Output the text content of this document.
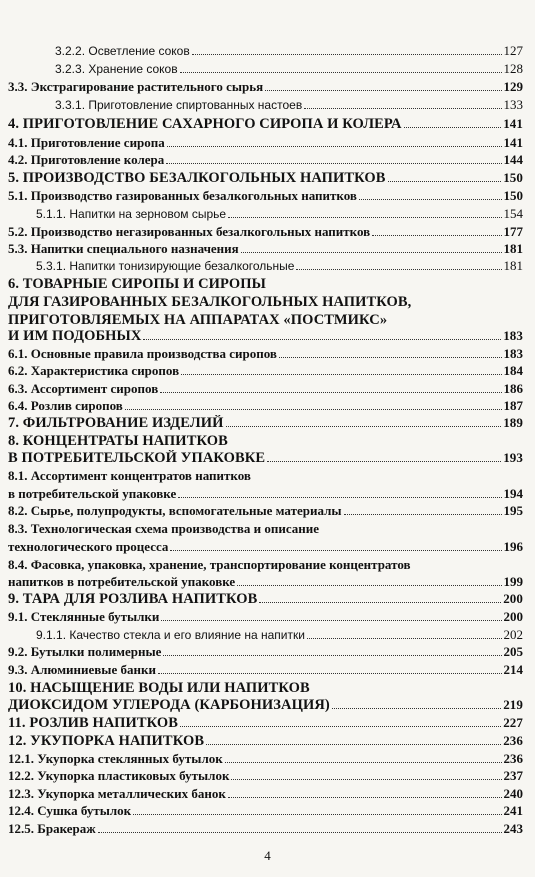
3.2.2. Осветление соков	127
3.2.3. Хранение соков	128
3.3. Экстрагирование растительного сырья	129
3.3.1. Приготовление спиртованных настоев	133
4. ПРИГОТОВЛЕНИЕ САХАРНОГО СИРОПА И КОЛЕРА	141
4.1. Приготовление сиропа	141
4.2. Приготовление колера	144
5. ПРОИЗВОДСТВО БЕЗАЛКОГОЛЬНЫХ НАПИТКОВ	150
5.1. Производство газированных безалкогольных напитков	150
5.1.1. Напитки на зерновом сырье	154
5.2. Производство негазированных безалкогольных напитков	177
5.3. Напитки специального назначения	181
5.3.1. Напитки тонизирующие безалкогольные	181
6. ТОВАРНЫЕ СИРОПЫ И СИРОПЫ
ДЛЯ ГАЗИРОВАННЫХ БЕЗАЛКОГОЛЬНЫХ НАПИТКОВ,
ПРИГОТОВЛЯЕМЫХ НА АППАРАТАХ «ПОСТМИКС»
И ИМ ПОДОБНЫХ	183
6.1. Основные правила производства сиропов	183
6.2. Характеристика сиропов	184
6.3. Ассортимент сиропов	186
6.4. Розлив сиропов	187
7. ФИЛЬТРОВАНИЕ ИЗДЕЛИЙ	189
8. КОНЦЕНТРАТЫ НАПИТКОВ
В ПОТРЕБИТЕЛЬСКОЙ УПАКОВКЕ	193
8.1. Ассортимент концентратов напитков
в потребительской упаковке	194
8.2. Сырье, полупродукты, вспомогательные материалы	195
8.3. Технологическая схема производства и описание
технологического процесса	196
8.4. Фасовка, упаковка, хранение, транспортирование концентратов
напитков в потребительской упаковке	199
9. ТАРА ДЛЯ РОЗЛИВА НАПИТКОВ	200
9.1. Стеклянные бутылки	200
9.1.1. Качество стекла и его влияние на напитки	202
9.2. Бутылки полимерные	205
9.3. Алюминиевые банки	214
10. НАСЫЩЕНИЕ ВОДЫ ИЛИ НАПИТКОВ
ДИОКСИДОМ УГЛЕРОДА (КАРБОНИЗАЦИЯ)	219
11. РОЗЛИВ НАПИТКОВ	227
12. УКУПОРКА НАПИТКОВ	236
12.1. Укупорка стеклянных бутылок	236
12.2. Укупорка пластиковых бутылок	237
12.3. Укупорка металлических банок	240
12.4. Сушка бутылок	241
12.5. Бракераж	243
4
